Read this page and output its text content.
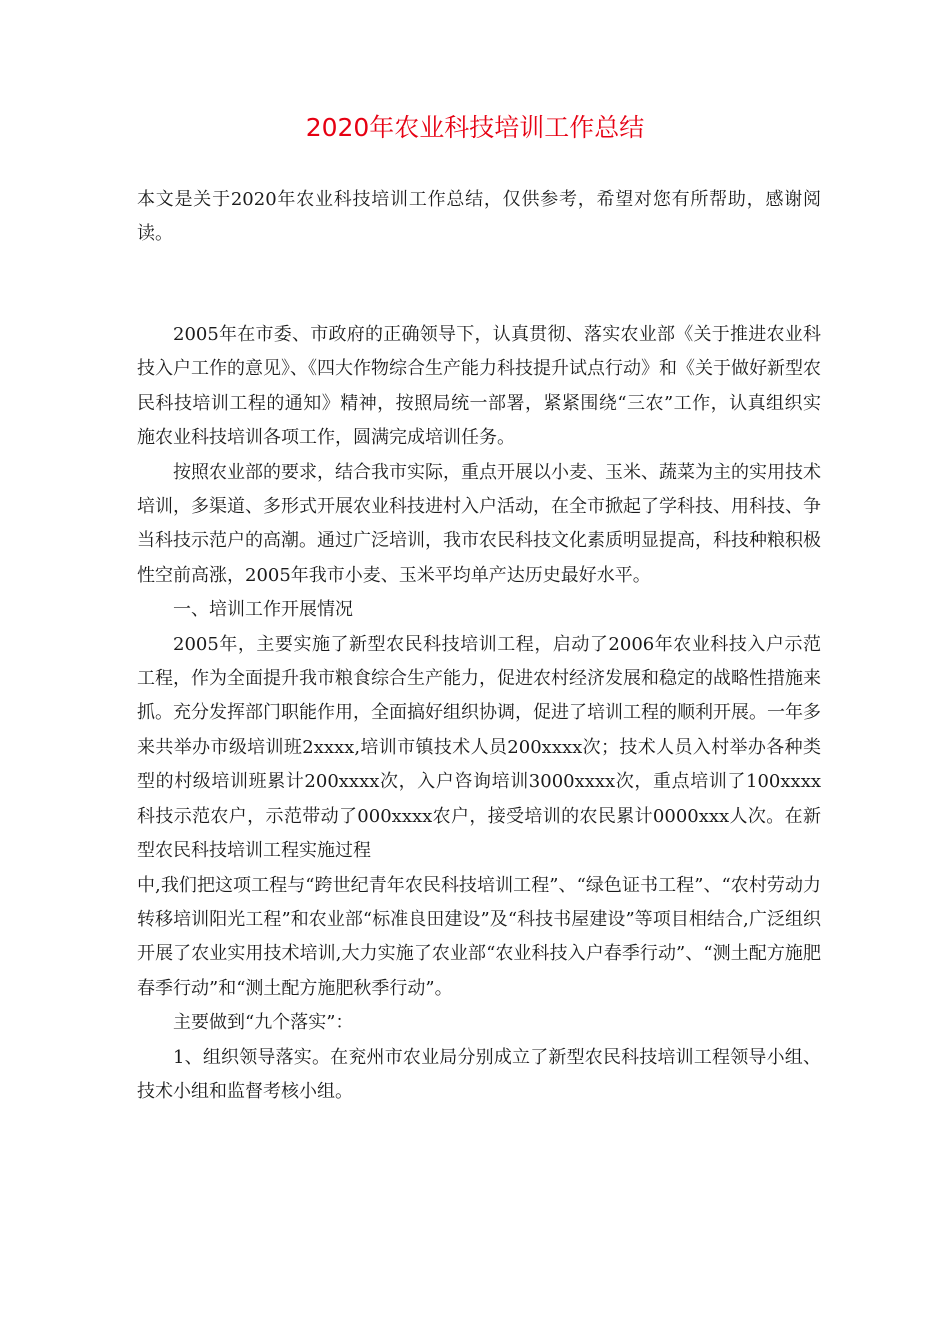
2020年农业科技培训工作总结

本文是关于2020年农业科技培训工作总结，仅供参考，希望对您有所帮助，感谢阅读。

2005年在市委、市政府的正确领导下，认真贯彻、落实农业部《关于推进农业科技入户工作的意见》、《四大作物综合生产能力科技提升试点行动》和《关于做好新型农民科技培训工程的通知》精神，按照局统一部署，紧紧围绕“三农”工作，认真组织实施农业科技培训各项工作，圆满完成培训任务。

按照农业部的要求，结合我市实际，重点开展以小麦、玉米、蔬菜为主的实用技术培训，多渠道、多形式开展农业科技进村入户活动，在全市掀起了学科技、用科技、争当科技示范户的高潮。通过广泛培训，我市农民科技文化素质明显提高，科技种粮积极性空前高涨，2005年我市小麦、玉米平均单产达历史最好水平。

一、培训工作开展情况

2005年，主要实施了新型农民科技培训工程，启动了2006年农业科技入户示范工程，作为全面提升我市粮食综合生产能力，促进农村经济发展和稳定的战略性措施来抓。充分发挥部门职能作用，全面搞好组织协调，促进了培训工程的顺利开展。一年多来共举办市级培训班2xxxx,培训市镇技术人员200xxxx次；技术人员入村举办各种类型的村级培训班累计200xxxx次，入户咨询培训3000xxxx次，重点培训了100xxxx科技示范农户，示范带动了000xxxx农户，接受培训的农民累计0000xxx人次。在新型农民科技培训工程实施过程

中,我们把这项工程与“跨世纪青年农民科技培训工程”、“绿色证书工程”、“农村劳动力转移培训阳光工程”和农业部“标准良田建设”及“科技书屋建设”等项目相结合,广泛组织开展了农业实用技术培训,大力实施了农业部“农业科技入户春季行动”、“测土配方施肥春季行动”和“测土配方施肥秋季行动”。

主要做到“九个落实”：

1、组织领导落实。在兖州市农业局分别成立了新型农民科技培训工程领导小组、技术小组和监督考核小组。
